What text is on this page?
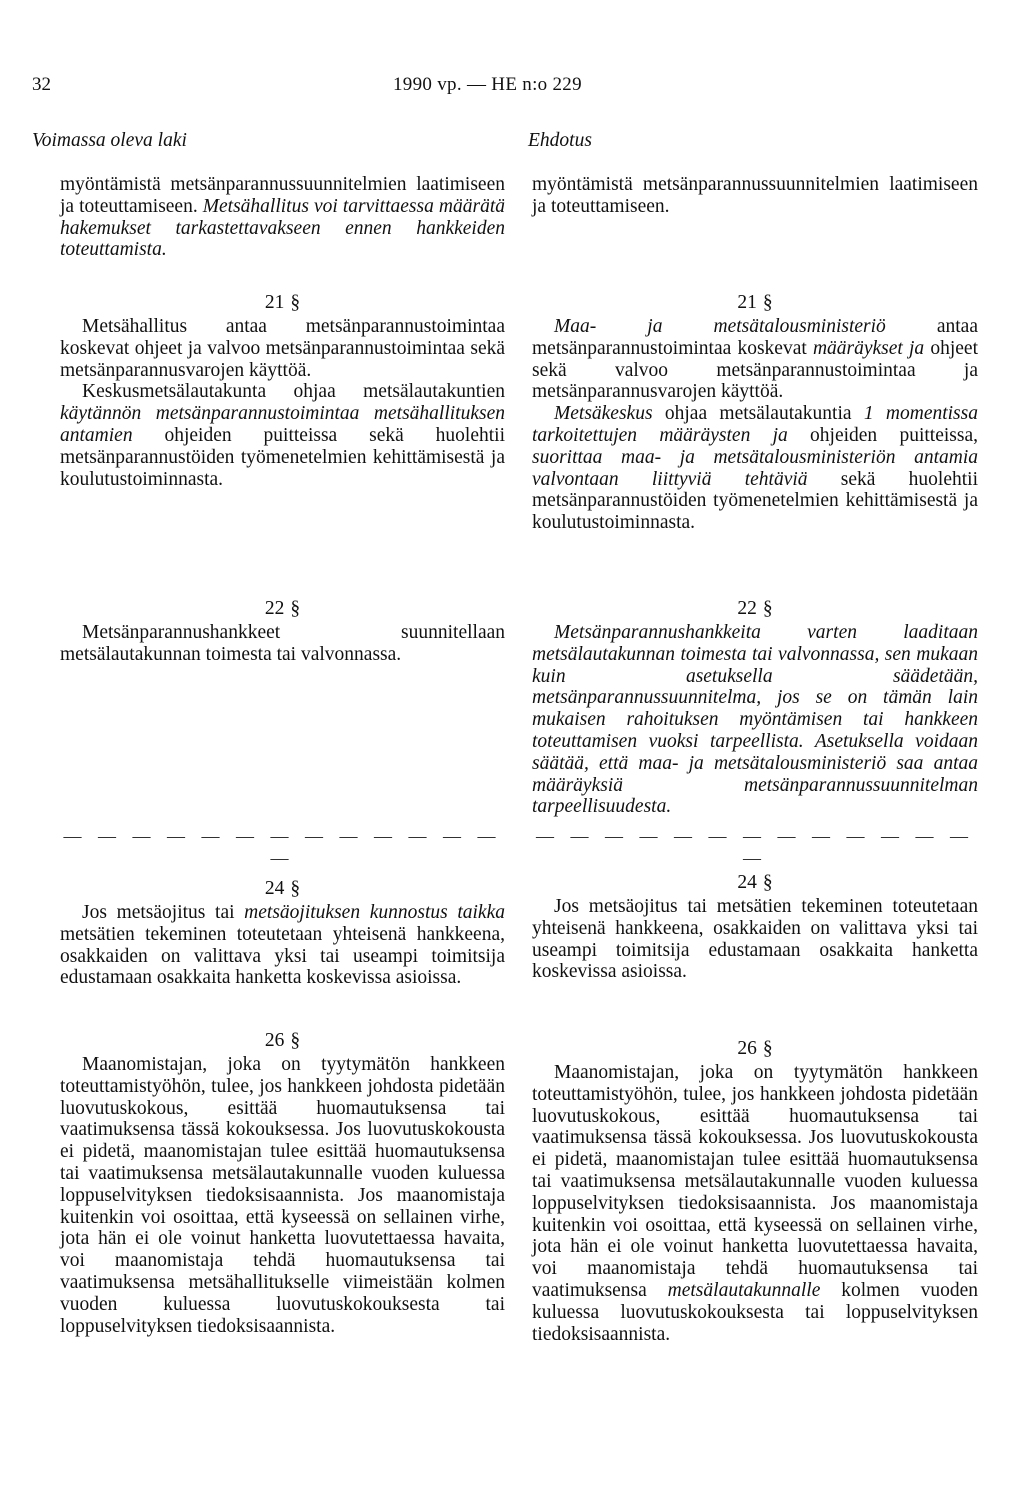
32	1990 vp. — HE n:o 229
Voimassa oleva laki

myöntämistä metsänparannussuunnitelmien laatimiseen ja toteuttamiseen. Metsähallitus voi tarvittaessa määrätä hakemukset tarkastettavakseen ennen hankkeiden toteuttamista.

21 §

Metsähallitus antaa metsänparannustoimintaa koskevat ohjeet ja valvoo metsänparannustoimintaa sekä metsänparannusvarojen käyttöä.

Keskusmetsälautakunta ohjaa metsälautakuntien käytännön metsänparannustoimintaa metsähallituksen antamien ohjeiden puitteissa sekä huolehtii metsänparannustöiden työmenetelmien kehittämisestä ja koulutustoiminnasta.

22 §

Metsänparannushankkeet suunnitellaan metsälautakunnan toimesta tai valvonnassa.

— — — — — — — — — — — — — —
24 §

Jos metsäojitus tai metsäojituksen kunnostus taikka metsätien tekeminen toteutetaan yhteisenä hankkeena, osakkaiden on valittava yksi tai useampi toimitsija edustamaan osakkaita hanketta koskevissa asioissa.

26 §

Maanomistajan, joka on tyytymätön hankkeen toteuttamistyöhön, tulee, jos hankkeen johdosta pidetään luovutuskokous, esittää huomautuksensa tai vaatimuksensa tässä kokouksessa. Jos luovutuskokousta ei pidetä, maanomistajan tulee esittää huomautuksensa tai vaatimuksensa metsälautakunnalle vuoden kuluessa loppuselvityksen tiedoksisaannista. Jos maanomistaja kuitenkin voi osoittaa, että kyseessä on sellainen virhe, jota hän ei ole voinut hanketta luovutettaessa havaita, voi maanomistaja tehdä huomautuksensa tai vaatimuksensa metsähallitukselle viimeistään kolmen vuoden kuluessa luovutuskokouksesta tai loppuselvityksen tiedoksisaannista.

Ehdotus

myöntämistä metsänparannussuunnitelmien laatimiseen ja toteuttamiseen.

21 §

Maa- ja metsätalousministeriö antaa metsänparannustoimintaa koskevat määräykset ja ohjeet sekä valvoo metsänparannustoimintaa ja metsänparannusvarojen käyttöä.

Metsäkeskus ohjaa metsälautakuntia 1 momentissa tarkoitettujen määräysten ja ohjeiden puitteissa, suorittaa maa- ja metsätalousministeriön antamia valvontaan liittyviä tehtäviä sekä huolehtii metsänparannustöiden työmenetelmien kehittämisestä ja koulutustoiminnasta.

22 §

Metsänparannushankkeita varten laaditaan metsälautakunnan toimesta tai valvonnassa, sen mukaan kuin asetuksella säädetään, metsänparannussuunnitelma, jos se on tämän lain mukaisen rahoituksen myöntämisen tai hankkeen toteuttamisen vuoksi tarpeellista. Asetuksella voidaan säätää, että maa- ja metsätalousministeriö saa antaa määräyksiä metsänparannussuunnitelman tarpeellisuudesta.

— — — — — — — — — — — — — —
24 §

Jos metsäojitus tai metsätien tekeminen toteutetaan yhteisenä hankkeena, osakkaiden on valittava yksi tai useampi toimitsija edustamaan osakkaita hanketta koskevissa asioissa.

26 §

Maanomistajan, joka on tyytymätön hankkeen toteuttamistyöhön, tulee, jos hankkeen johdosta pidetään luovutuskokous, esittää huomautuksensa tai vaatimuksensa tässä kokouksessa. Jos luovutuskokousta ei pidetä, maanomistajan tulee esittää huomautuksensa tai vaatimuksensa metsälautakunnalle vuoden kuluessa loppuselvityksen tiedoksisaannista. Jos maanomistaja kuitenkin voi osoittaa, että kyseessä on sellainen virhe, jota hän ei ole voinut hanketta luovutettaessa havaita, voi maanomistaja tehdä huomautuksensa tai vaatimuksensa metsälautakunnalle kolmen vuoden kuluessa luovutuskokouksesta tai loppuselvityksen tiedoksisaannista.
